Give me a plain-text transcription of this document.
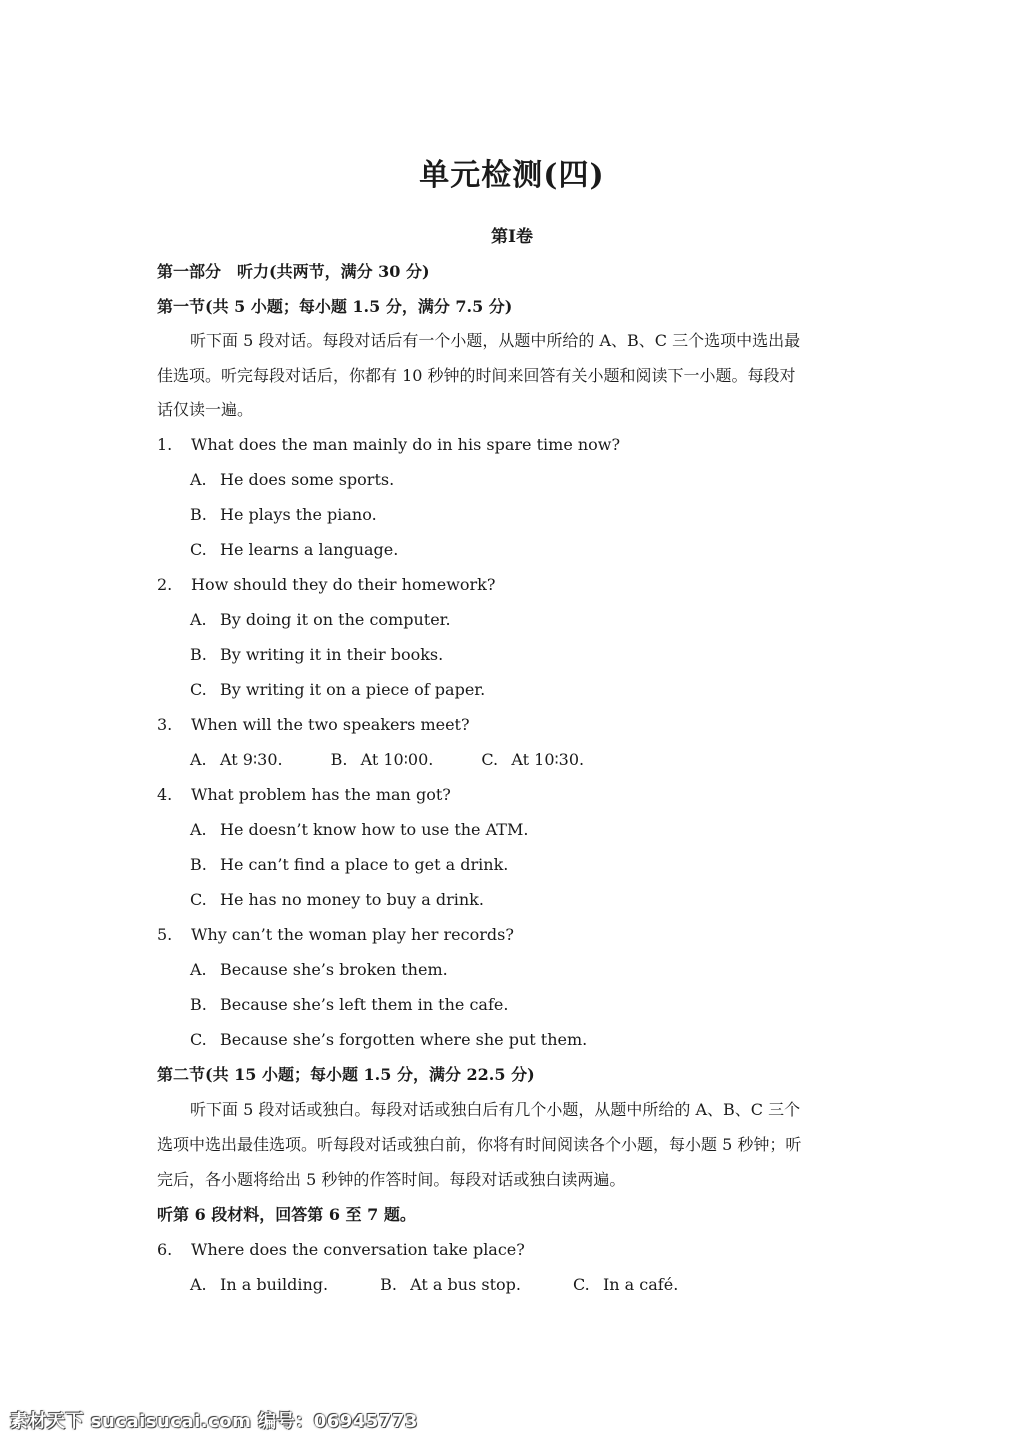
单元检测(四)
第Ⅰ卷
第一部分　听力(共两节，满分 30 分)
第一节(共 5 小题；每小题 1.5 分，满分 7.5 分)
听下面 5 段对话。每段对话后有一个小题，从题中所给的 A、B、C 三个选项中选出最
佳选项。听完每段对话后，你都有 10 秒钟的时间来回答有关小题和阅读下一小题。每段对
话仅读一遍。
1. What does the man mainly do in his spare time now?
A. He does some sports.
B. He plays the piano.
C. He learns a language.
2. How should they do their homework?
A. By doing it on the computer.
B. By writing it in their books.
C. By writing it on a piece of paper.
3. When will the two speakers meet?
A. At 9∶30.	B. At 10∶00.	C. At 10∶30.
4. What problem has the man got?
A. He doesn’t know how to use the ATM.
B. He can’t find a place to get a drink.
C. He has no money to buy a drink.
5. Why can’t the woman play her records?
A. Because she’s broken them.
B. Because she’s left them in the cafe.
C. Because she’s forgotten where she put them.
第二节(共 15 小题；每小题 1.5 分，满分 22.5 分)
听下面 5 段对话或独白。每段对话或独白后有几个小题，从题中所给的 A、B、C 三个
选项中选出最佳选项。听每段对话或独白前，你将有时间阅读各个小题，每小题 5 秒钟；听
完后，各小题将给出 5 秒钟的作答时间。每段对话或独白读两遍。
听第 6 段材料，回答第 6 至 7 题。
6. Where does the conversation take place?
A. In a building.	B. At a bus stop.	C. In a café.
素材天下 sucaisucai.com 编号：06945773
